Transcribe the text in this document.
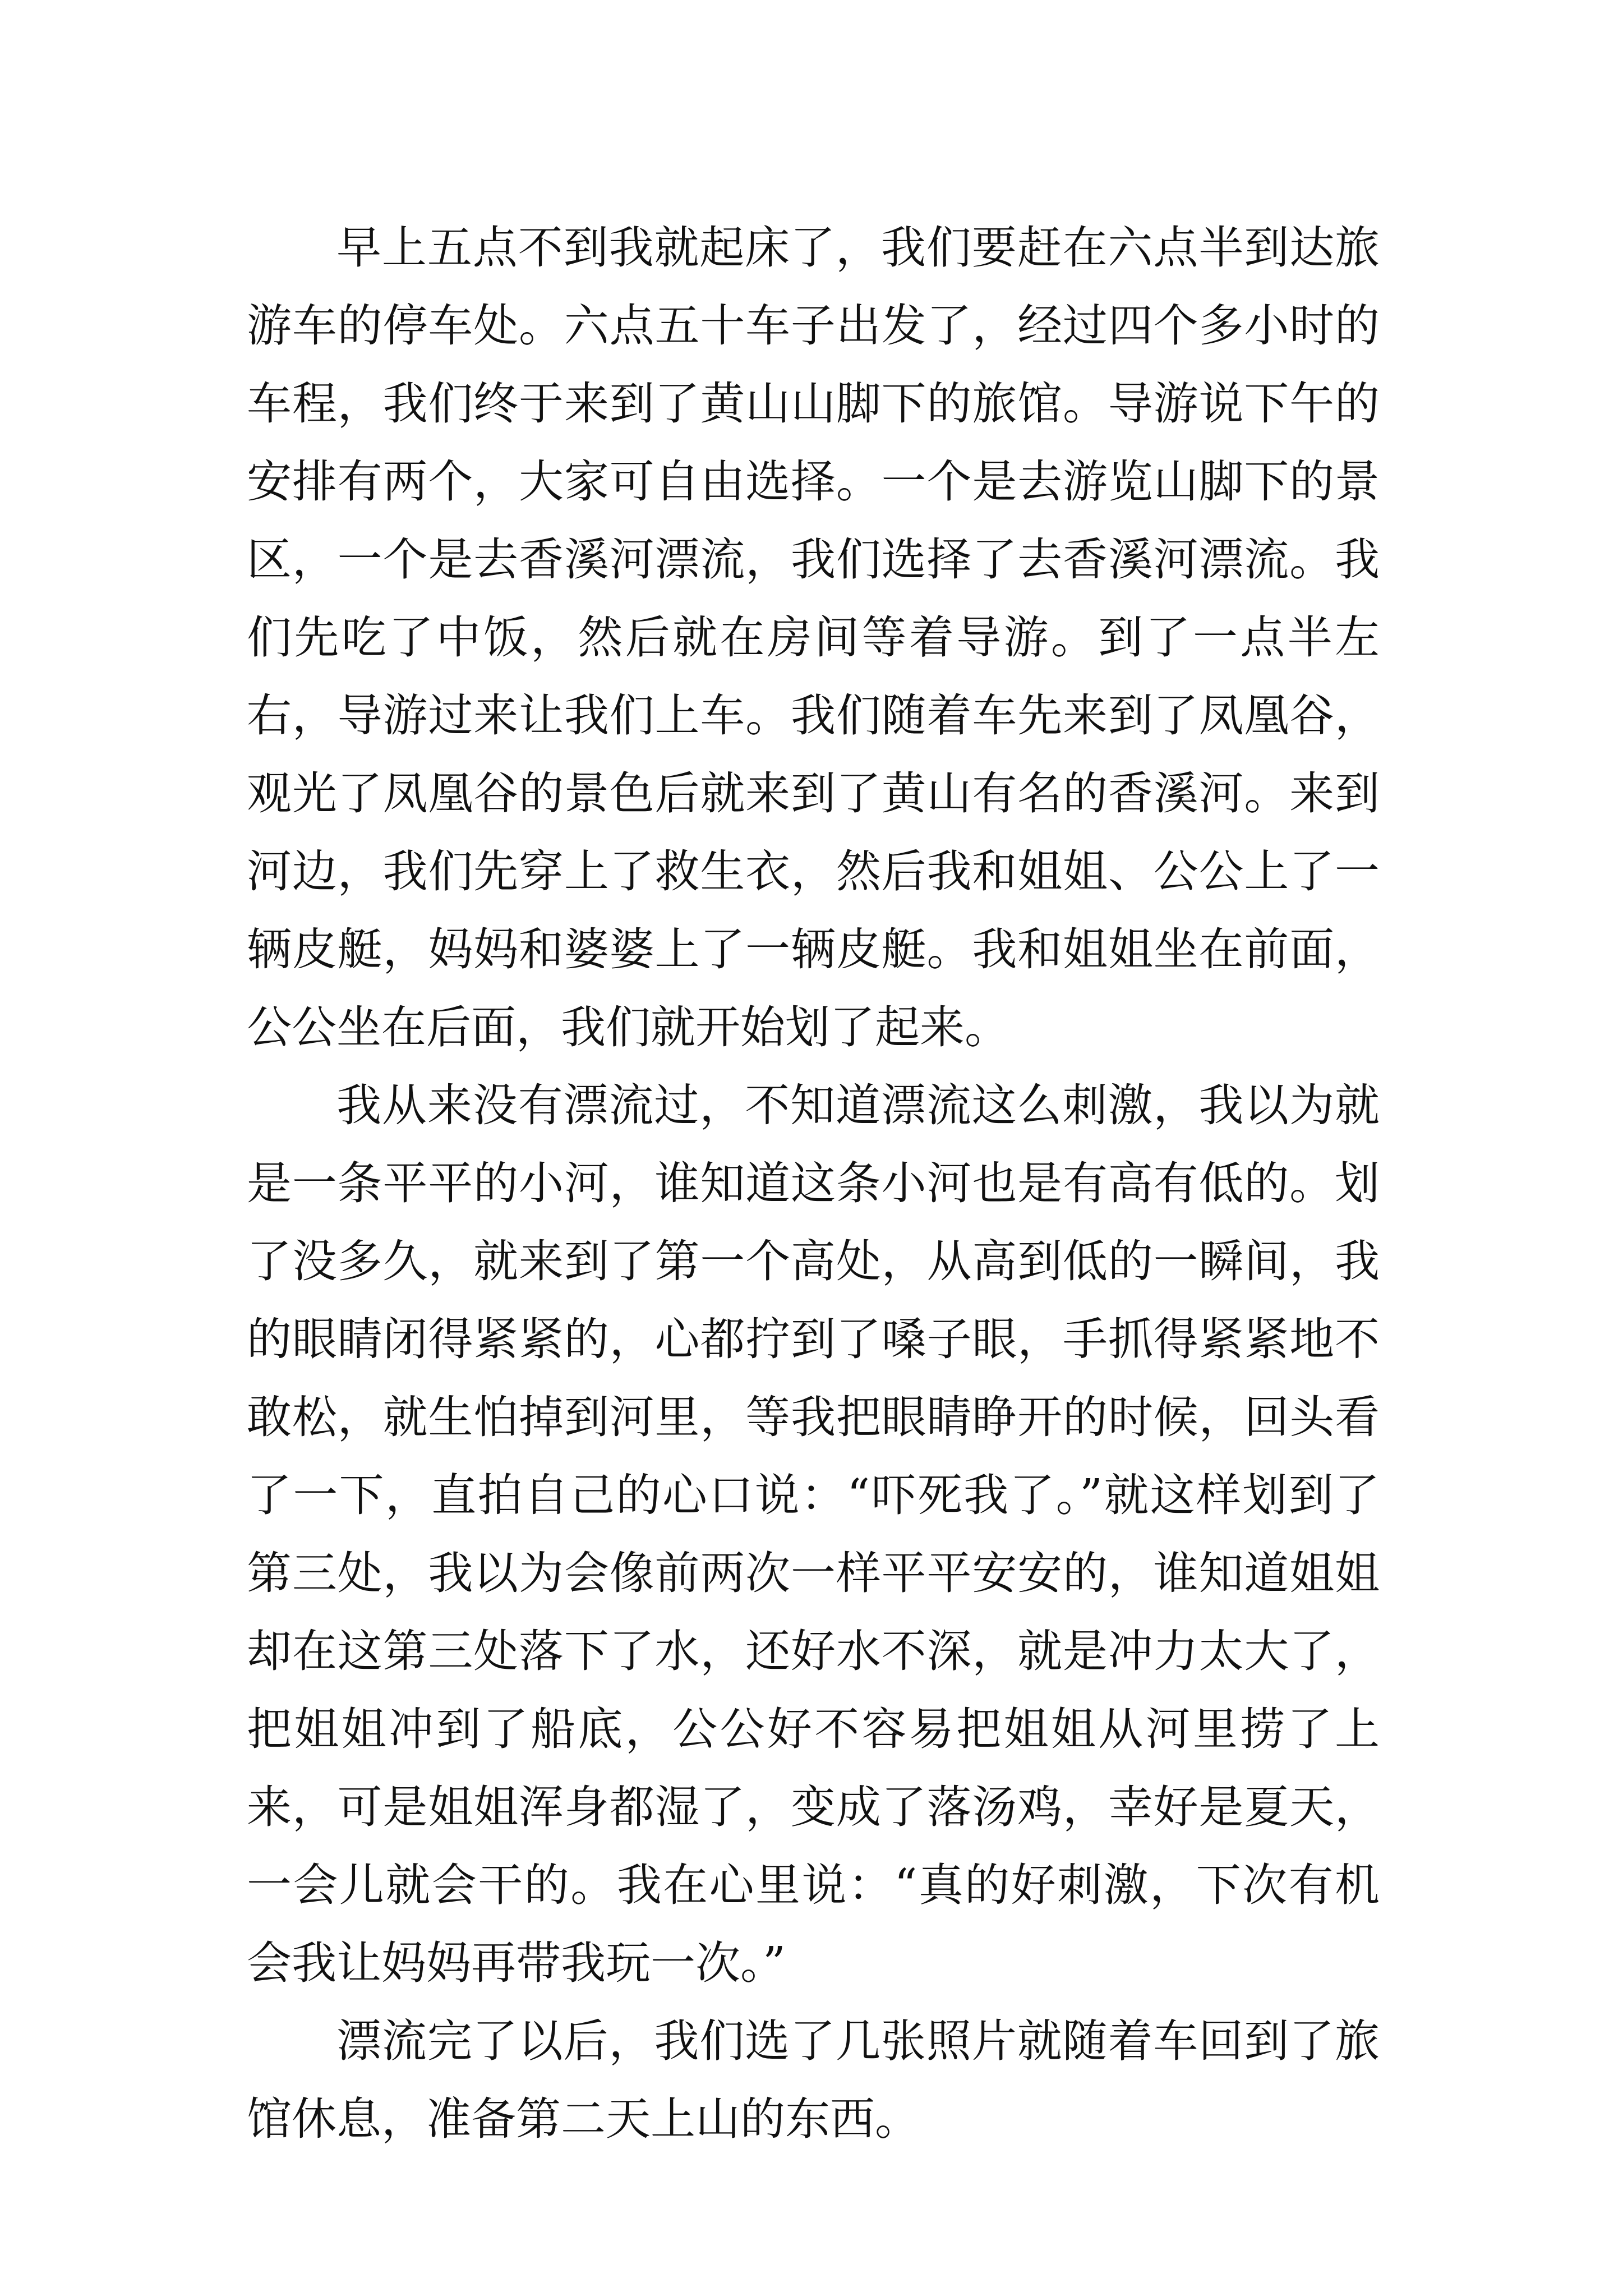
早上五点不到我就起床了，我们要赶在六点半到达旅游车的停车处。六点五十车子出发了，经过四个多小时的车程，我们终于来到了黄山山脚下的旅馆。导游说下午的安排有两个，大家可自由选择。一个是去游览山脚下的景区，一个是去香溪河漂流，我们选择了去香溪河漂流。我们先吃了中饭，然后就在房间等着导游。到了一点半左右，导游过来让我们上车。我们随着车先来到了凤凰谷，观光了凤凰谷的景色后就来到了黄山有名的香溪河。来到河边，我们先穿上了救生衣，然后我和姐姐、公公上了一辆皮艇，妈妈和婆婆上了一辆皮艇。我和姐姐坐在前面，公公坐在后面，我们就开始划了起来。

我从来没有漂流过，不知道漂流这么刺激，我以为就是一条平平的小河，谁知道这条小河也是有高有低的。划了没多久，就来到了第一个高处，从高到低的一瞬间，我的眼睛闭得紧紧的，心都拧到了嗓子眼，手抓得紧紧地不敢松，就生怕掉到河里，等我把眼睛睁开的时候，回头看了一下，直拍自己的心口说：“吓死我了。”就这样划到了第三处，我以为会像前两次一样平平安安的，谁知道姐姐却在这第三处落下了水，还好水不深，就是冲力太大了，把姐姐冲到了船底，公公好不容易把姐姐从河里捞了上来，可是姐姐浑身都湿了，变成了落汤鸡，幸好是夏天，一会儿就会干的。我在心里说：“真的好刺激，下次有机会我让妈妈再带我玩一次。”

漂流完了以后，我们选了几张照片就随着车回到了旅馆休息，准备第二天上山的东西。
